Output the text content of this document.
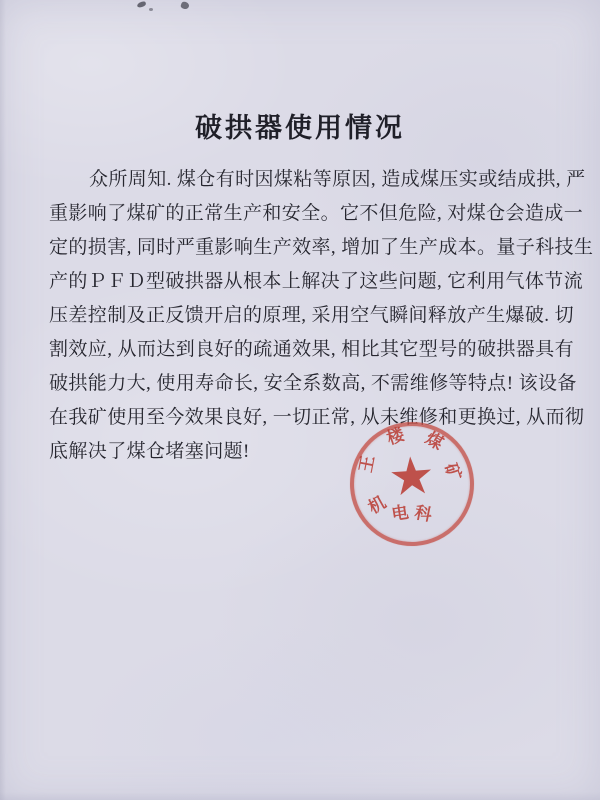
破拱器使用情况
众所周知. 煤仓有时因煤粘等原因, 造成煤压实或结成拱, 严
重影响了煤矿的正常生产和安全。它不但危险, 对煤仓会造成一
定的损害, 同时严重影响生产效率, 增加了生产成本。量子科技生
产的ＰＦＤ型破拱器从根本上解决了这些问题, 它利用气体节流
压差控制及正反馈开启的原理, 采用空气瞬间释放产生爆破. 切
割效应, 从而达到良好的疏通效果, 相比其它型号的破拱器具有
破拱能力大, 使用寿命长, 安全系数高, 不需维修等特点! 该设备
在我矿使用至今效果良好, 一切正常, 从未维修和更换过, 从而彻
底解决了煤仓堵塞问题!	★
王
楼 煤
矿
机 电 科
